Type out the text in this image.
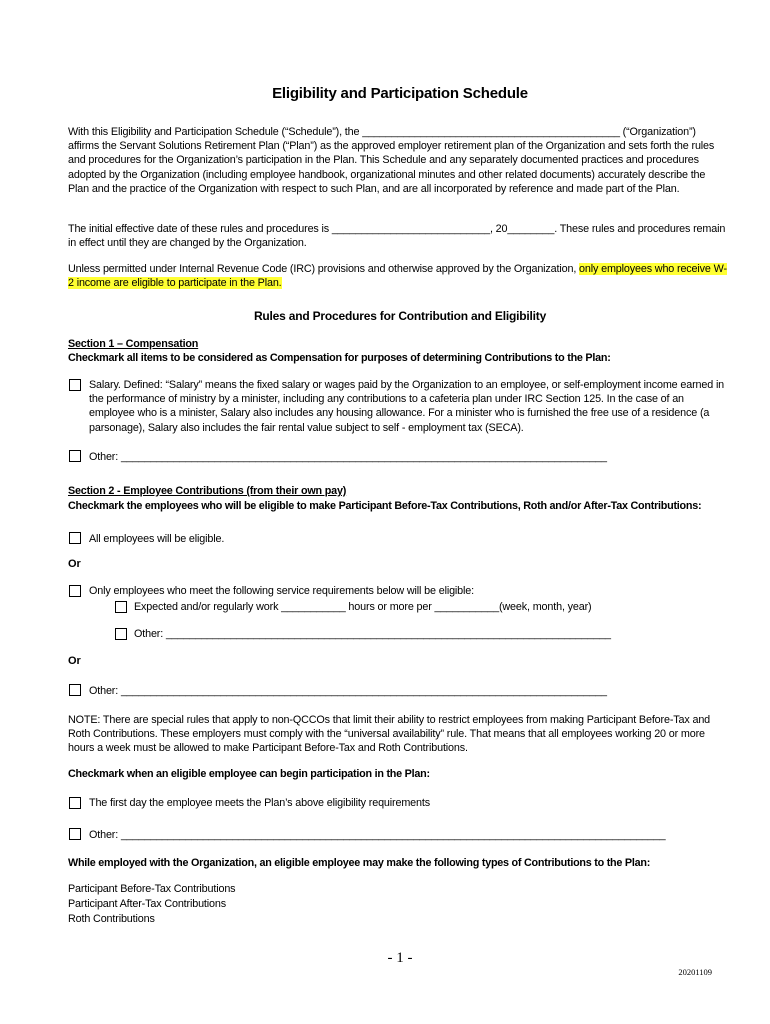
Eligibility and Participation Schedule
With this Eligibility and Participation Schedule (“Schedule”), the ____________________________________________ (“Organization”) affirms the Servant Solutions Retirement Plan (“Plan”) as the approved employer retirement plan of the Organization and sets forth the rules and procedures for the Organization’s participation in the Plan. This Schedule and any separately documented practices and procedures adopted by the Organization (including employee handbook, organizational minutes and other related documents) accurately describe the Plan and the practice of the Organization with respect to such Plan, and are all incorporated by reference and made part of the Plan.
The initial effective date of these rules and procedures is ___________________________, 20________. These rules and procedures remain in effect until they are changed by the Organization.
Unless permitted under Internal Revenue Code (IRC) provisions and otherwise approved by the Organization, only employees who receive W-2 income are eligible to participate in the Plan.
Rules and Procedures for Contribution and Eligibility
Section 1 – Compensation
Checkmark all items to be considered as Compensation for purposes of determining Contributions to the Plan:
Salary. Defined: “Salary” means the fixed salary or wages paid by the Organization to an employee, or self-employment income earned in the performance of ministry by a minister, including any contributions to a cafeteria plan under IRC Section 125. In the case of an employee who is a minister, Salary also includes any housing allowance. For a minister who is furnished the free use of a residence (a parsonage), Salary also includes the fair rental value subject to self - employment tax (SECA).
Other: ___________________________________________________________________________________
Section 2 - Employee Contributions (from their own pay)
Checkmark the employees who will be eligible to make Participant Before-Tax Contributions, Roth and/or After-Tax Contributions:
All employees will be eligible.
Or
Only employees who meet the following service requirements below will be eligible:
Expected and/or regularly work ___________ hours or more per ___________(week, month, year)
Other: ____________________________________________________________________________
Or
Other: ___________________________________________________________________________________
NOTE: There are special rules that apply to non-QCCOs that limit their ability to restrict employees from making Participant Before-Tax and Roth Contributions. These employers must comply with the “universal availability” rule. That means that all employees working 20 or more hours a week must be allowed to make Participant Before-Tax and Roth Contributions.
Checkmark when an eligible employee can begin participation in the Plan:
The first day the employee meets the Plan’s above eligibility requirements
Other: _____________________________________________________________________________________________
While employed with the Organization, an eligible employee may make the following types of Contributions to the Plan:
Participant Before-Tax Contributions
Participant After-Tax Contributions
Roth Contributions
- 1 -
20201109
